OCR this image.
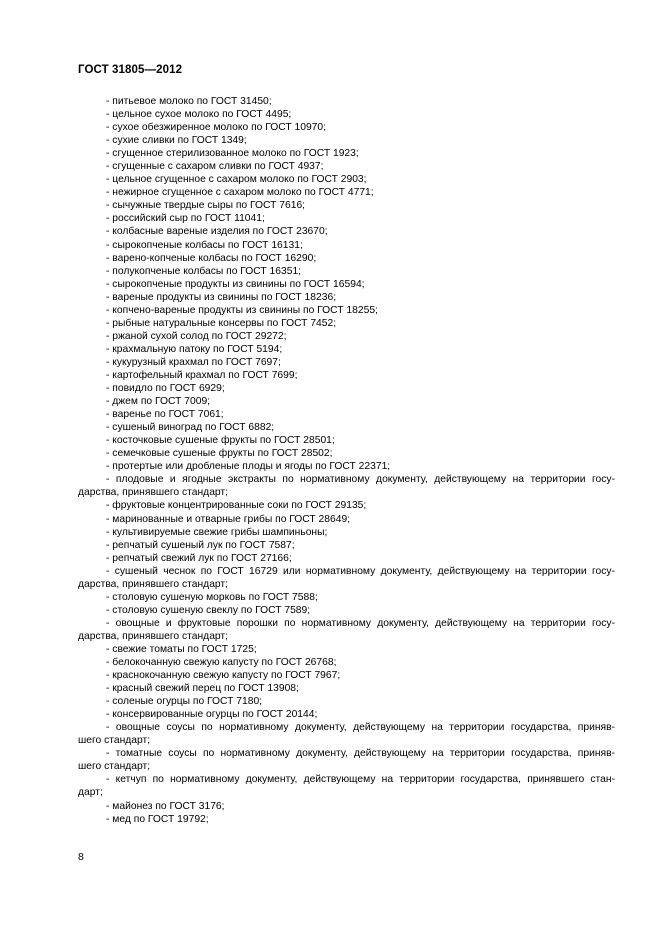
ГОСТ 31805—2012
- питьевое молоко по ГОСТ 31450;
- цельное сухое молоко по ГОСТ 4495;
- сухое обезжиренное молоко по ГОСТ 10970;
- сухие сливки по ГОСТ 1349;
- сгущенное стерилизованное молоко по ГОСТ 1923;
- сгущенные с сахаром сливки по ГОСТ 4937;
- цельное сгущенное с сахаром молоко по ГОСТ 2903;
- нежирное сгущенное с сахаром молоко по ГОСТ 4771;
- сычужные твердые сыры по ГОСТ 7616;
- российский сыр по ГОСТ 11041;
- колбасные вареные изделия по ГОСТ 23670;
- сырокопченые колбасы по ГОСТ 16131;
- варено-копченые колбасы по ГОСТ 16290;
- полукопченые колбасы по ГОСТ 16351;
- сырокопченые продукты из свинины по ГОСТ 16594;
- вареные продукты из свинины по ГОСТ 18236;
- копчено-вареные продукты из свинины по ГОСТ 18255;
- рыбные натуральные консервы по ГОСТ 7452;
- ржаной сухой солод по ГОСТ 29272;
- крахмальную патоку по ГОСТ 5194;
- кукурузный крахмал по ГОСТ 7697;
- картофельный крахмал по ГОСТ 7699;
- повидло по ГОСТ 6929;
- джем по ГОСТ 7009;
- варенье по ГОСТ 7061;
- сушеный виноград по ГОСТ 6882;
- косточковые сушеные фрукты по ГОСТ 28501;
- семечковые сушеные фрукты по ГОСТ 28502;
- протертые или дробленые плоды и ягоды по ГОСТ 22371;
- плодовые и ягодные экстракты по нормативному документу, действующему на территории госу-
дарства, принявшего стандарт;
- фруктовые концентрированные соки по ГОСТ 29135;
- маринованные и отварные грибы по ГОСТ 28649;
- культивируемые свежие грибы шампиньоны;
- репчатый сушеный лук по ГОСТ 7587;
- репчатый свежий лук по ГОСТ 27166;
- сушеный чеснок по ГОСТ 16729 или нормативному документу, действующему на территории госу-
дарства, принявшего стандарт;
- столовую сушеную морковь по ГОСТ 7588;
- столовую сушеную свеклу по ГОСТ 7589;
- овощные и фруктовые порошки по нормативному документу, действующему на территории госу-
дарства, принявшего стандарт;
- свежие томаты по ГОСТ 1725;
- белокочанную свежую капусту по ГОСТ 26768;
- краснокочанную свежую капусту по ГОСТ 7967;
- красный свежий перец по ГОСТ 13908;
- соленые огурцы по ГОСТ 7180;
- консервированные огурцы по ГОСТ 20144;
- овощные соусы по нормативному документу, действующему на территории государства, приняв-
шего стандарт;
- томатные соусы по нормативному документу, действующему на территории государства, приняв-
шего стандарт;
- кетчуп по нормативному документу, действующему на территории государства, принявшего стан-
дарт;
- майонез по ГОСТ 3176;
- мед по ГОСТ 19792;
8
